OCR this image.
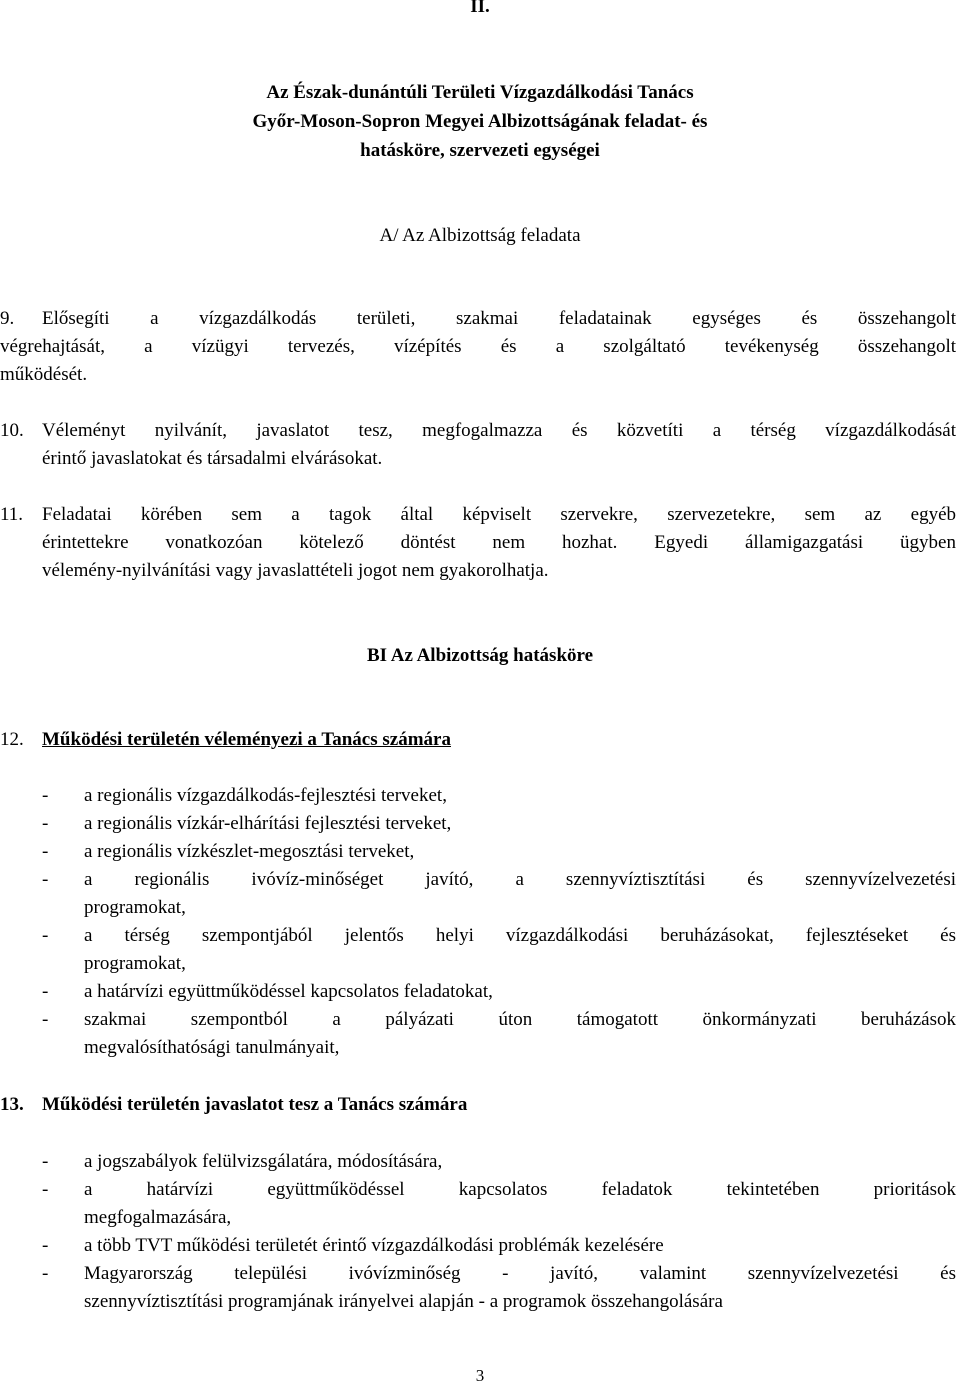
II.
Az Észak-dunántúli Területi Vízgazdálkodási Tanács
Győr-Moson-Sopron Megyei Albizottságának feladat- és
hatásköre, szervezeti egységei
A/ Az Albizottság feladata
9. Elősegíti a vízgazdálkodás területi, szakmai feladatainak egységes és összehangolt
végrehajtását, a vízügyi tervezés, vízépítés és a szolgáltató tevékenység összehangolt
működését.
10. Véleményt nyilvánít, javaslatot tesz, megfogalmazza és közvetíti a térség vízgazdálkodását
érintő javaslatokat és társadalmi elvárásokat.
11. Feladatai körében sem a tagok által képviselt szervekre, szervezetekre, sem az egyéb
érintettekre vonatkozóan kötelező döntést nem hozhat. Egyedi államigazgatási ügyben
vélemény-nyilvánítási vagy javaslattételi jogot nem gyakorolhatja.
BI Az Albizottság hatásköre
12. Működési területén véleményezi a Tanács számára
- a regionális vízgazdálkodás-fejlesztési terveket,
- a regionális vízkár-elhárítási fejlesztési terveket,
- a regionális vízkészlet-megosztási terveket,
- a regionális ivóvíz-minőséget javító, a szennyvíztisztítási és szennyvízelvezetési
programokat,
- a térség szempontjából jelentős helyi vízgazdálkodási beruházásokat, fejlesztéseket és
programokat,
- a határvízi együttműködéssel kapcsolatos feladatokat,
- szakmai szempontból a pályázati úton támogatott önkormányzati beruházások
megvalósíthatósági tanulmányait,
13. Működési területén javaslatot tesz a Tanács számára
- a jogszabályok felülvizsgálatára, módosítására,
- a határvízi együttműködéssel kapcsolatos feladatok tekintetében prioritások
megfogalmazására,
- a több TVT működési területét érintő vízgazdálkodási problémák kezelésére
- Magyarország települési ivóvízminőség - javító, valamint szennyvízelvezetési és
szennyvíztisztítási programjának irányelvei alapján - a programok összehangolására
3
